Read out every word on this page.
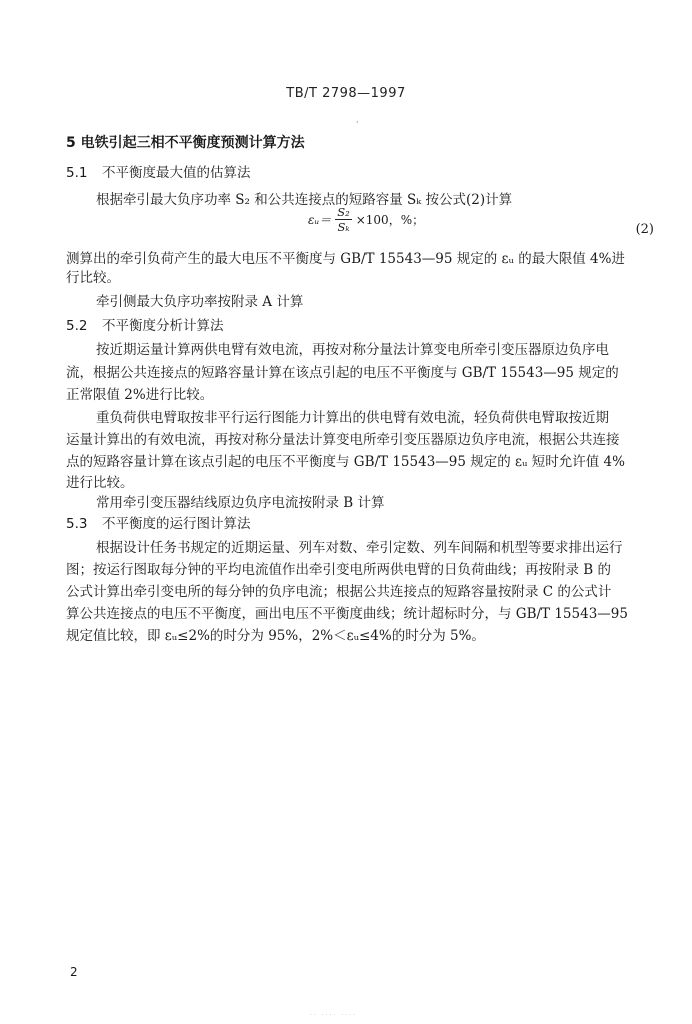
TB/T 2798—1997
·
5 电铁引起三相不平衡度预测计算方法
5.1 不平衡度最大值的估算法
根据牵引最大负序功率 S₂ 和公共连接点的短路容量 Sₖ 按公式(2)计算
εᵤ＝ $\frac{\text{S₂}}{\text{Sₖ}} \times 100$，%；
(2)
测算出的牵引负荷产生的最大电压不平衡度与 GB/T 15543—95 规定的 εᵤ 的最大限值 4%进
行比较。
牵引侧最大负序功率按附录 A 计算
5.2 不平衡度分析计算法
按近期运量计算两供电臂有效电流，再按对称分量法计算变电所牵引变压器原边负序电
流，根据公共连接点的短路容量计算在该点引起的电压不平衡度与 GB/T 15543—95 规定的
正常限值 2%进行比较。
重负荷供电臂取按非平行运行图能力计算出的供电臂有效电流，轻负荷供电臂取按近期
运量计算出的有效电流，再按对称分量法计算变电所牵引变压器原边负序电流，根据公共连接
点的短路容量计算在该点引起的电压不平衡度与 GB/T 15543—95 规定的 εᵤ 短时允许值 4%
进行比较。
常用牵引变压器结线原边负序电流按附录 B 计算
5.3 不平衡度的运行图计算法
根据设计任务书规定的近期运量、列车对数、牵引定数、列车间隔和机型等要求排出运行
图；按运行图取每分钟的平均电流值作出牵引变电所两供电臂的日负荷曲线；再按附录 B 的
公式计算出牵引变电所的每分钟的负序电流；根据公共连接点的短路容量按附录 C 的公式计
算公共连接点的电压不平衡度，画出电压不平衡度曲线；统计超标时分，与 GB/T 15543—95
规定值比较，即 εᵤ≤2%的时分为 95%，2%＜εᵤ≤4%的时分为 5%。
2
·· ···· ····
